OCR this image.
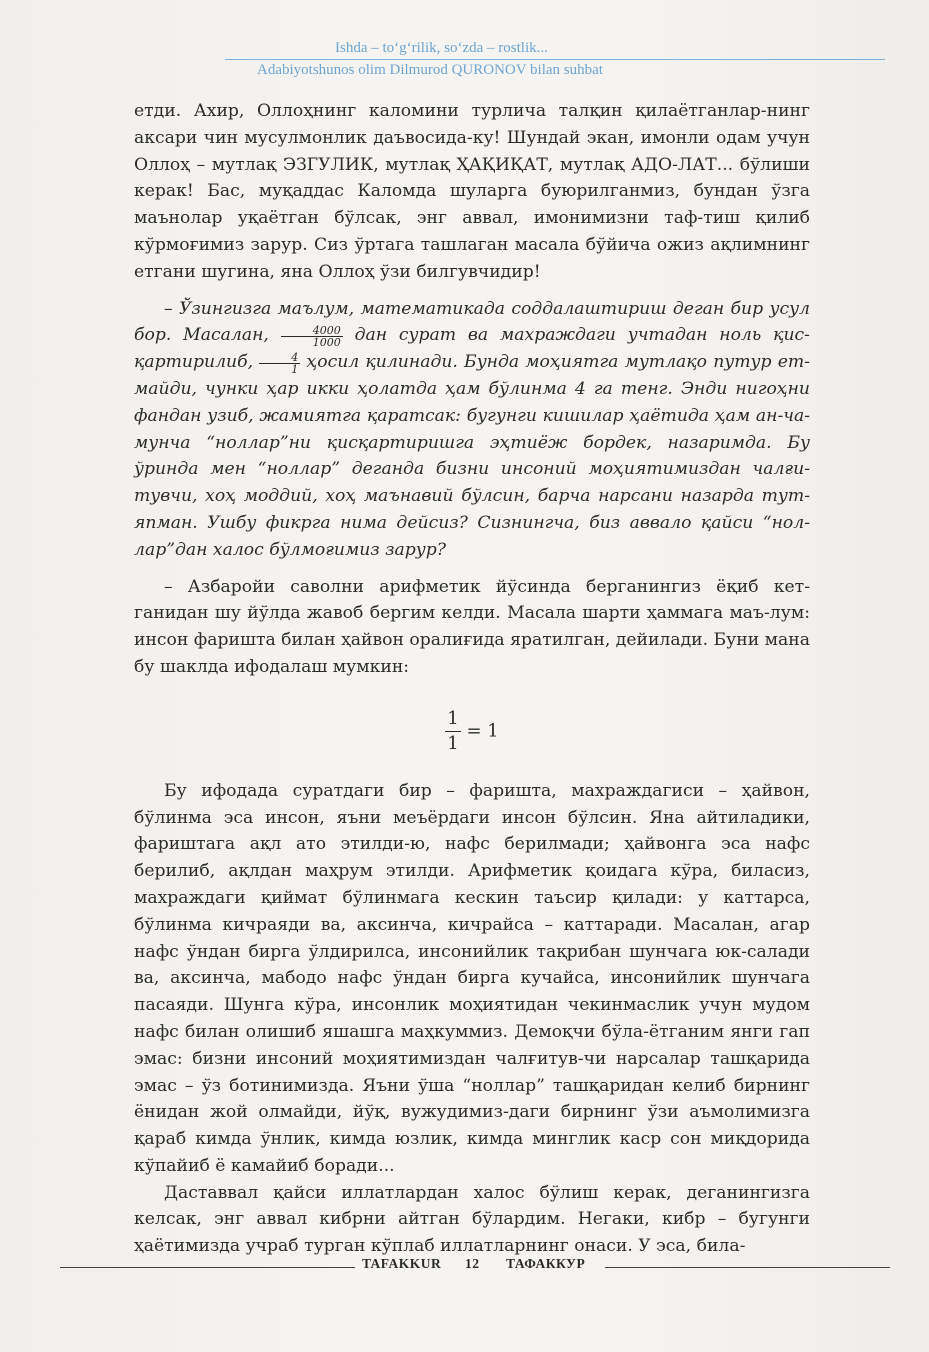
Ishda – to‘g‘rilik, so‘zda – rostlik...
Adabiyotshunos olim Dilmurod QURONOV bilan suhbat

етди. Ахир, Оллоҳнинг каломини турлича талқин қилаётганлар-нинг аксари чин мусулмонлик даъвосида-ку! Шундай экан, имонли одам учун Оллоҳ – мутлақ ЭЗГУЛИК, мутлақ ҲАҚИҚАТ, мутлақ АДО-ЛАТ... бўлиши керак! Бас, муқаддас Каломда шуларга буюрилганмиз, бундан ўзга маънолар уқаётган бўлсак, энг аввал, имонимизни таф-тиш қилиб кўрмоғимиз зарур. Сиз ўртага ташлаган масала бўйича ожиз ақлимнинг етгани шугина, яна Оллоҳ ўзи билгувчидир!

– Ўзингизга маълум, математикада соддалаштириш деган бир усул бор. Масалан, $\frac{4000}{1000}$ дан сурат ва махраждаги учтадан ноль қис-қартирилиб, $\frac{4}{1}$ ҳосил қилинади. Бунда моҳиятга мутлақо путур ет-майди, чунки ҳар икки ҳолатда ҳам бўлинма 4 га тенг. Энди нигоҳни фандан узиб, жамиятга қаратсак: бугунги кишилар ҳаётида ҳам ан-ча-мунча “ноллар”ни қисқартиришга эҳтиёж бордек, назаримда. Бу ўринда мен “ноллар” деганда бизни инсоний моҳиятимиздан чалғи-тувчи, хоҳ моддий, хоҳ маънавий бўлсин, барча нарсани назарда тут-япман. Ушбу фикрга нима дейсиз? Сизнингча, биз аввало қайси “нол-лар”дан халос бўлмоғимиз зарур?

– Азбаройи саволни арифметик йўсинда берганингиз ёқиб кет-ганидан шу йўлда жавоб бергим келди. Масала шарти ҳаммага маъ-лум: инсон фаришта билан ҳайвон оралиғида яратилган, дейилади. Буни мана бу шаклда ифодалаш мумкин:

$\frac{1}{1} = 1$

Бу ифодада суратдаги бир – фаришта, махраждагиси – ҳайвон, бўлинма эса инсон, яъни меъёрдаги инсон бўлсин. Яна айтиладики, фариштага ақл ато этилди-ю, нафс берилмади; ҳайвонга эса нафс берилиб, ақлдан маҳрум этилди. Арифметик қоидага кўра, биласиз, махраждаги қиймат бўлинмага кескин таъсир қилади: у каттарса, бўлинма кичраяди ва, аксинча, кичрайса – каттаради. Масалан, агар нафс ўндан бирга ўлдирилса, инсонийлик тақрибан шунчага юк-салади ва, аксинча, мабодо нафс ўндан бирга кучайса, инсонийлик шунчага пасаяди. Шунга кўра, инсонлик моҳиятидан чекинмаслик учун мудом нафс билан олишиб яшашга маҳкуммиз. Демоқчи бўла-ётганим янги гап эмас: бизни инсоний моҳиятимиздан чалғитув-чи нарсалар ташқарида эмас – ўз ботинимизда. Яъни ўша “ноллар” ташқаридан келиб бирнинг ёнидан жой олмайди, йўқ, вужудимиз-даги бирнинг ўзи аъмолимизга қараб кимда ўнлик, кимда юзлик, кимда минглик каср сон миқдорида кўпайиб ё камайиб боради...

Даставвал қайси иллатлардан халос бўлиш керак, деганингизга келсак, энг аввал кибрни айтган бўлардим. Негаки, кибр – бугунги ҳаётимизда учраб турган кўплаб иллатларнинг онаси. У эса, била-

TAFAKKUR 12 ТАФАККУР
